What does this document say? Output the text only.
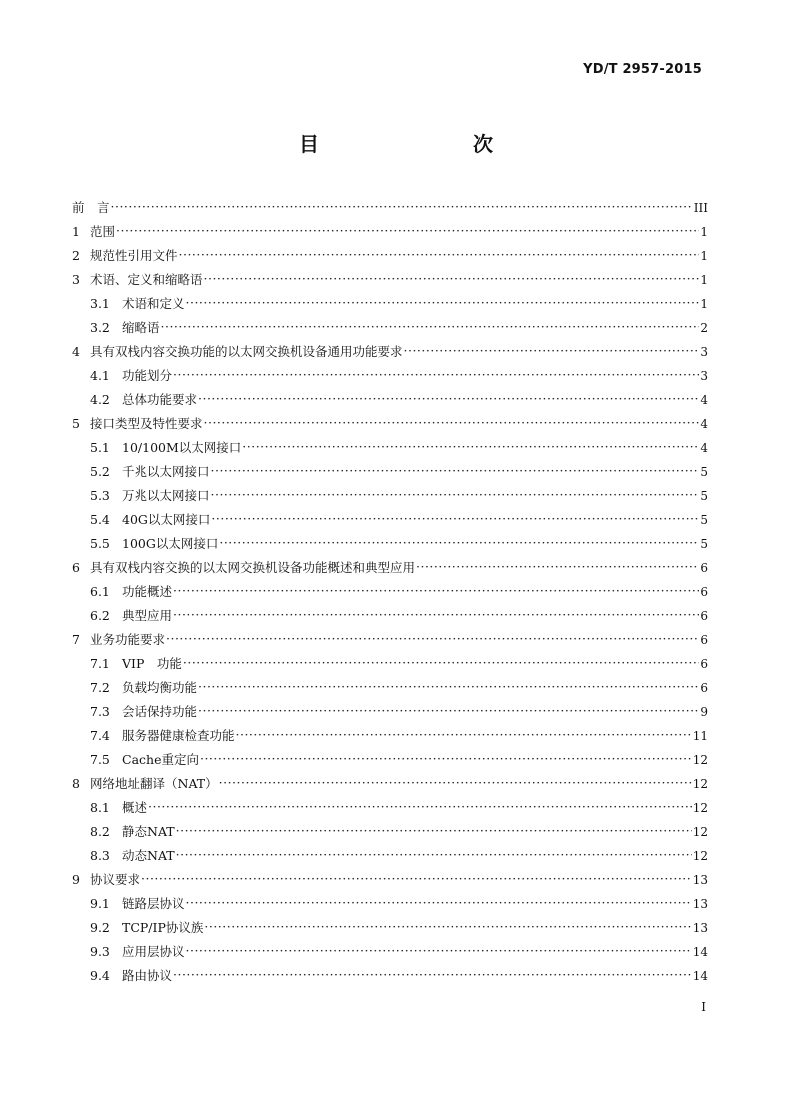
YD/T 2957-2015
目　　次
前　言 ·····	III
1 范围 ·····	1
2 规范性引用文件 ·····	1
3 术语、定义和缩略语 ·····	1
3.1 术语和定义 ·····	1
3.2 缩略语 ·····	2
4 具有双栈内容交换功能的以太网交换机设备通用功能要求 ·····	3
4.1 功能划分 ·····	3
4.2 总体功能要求 ·····	4
5 接口类型及特性要求 ·····	4
5.1 10/100M以太网接口 ·····	4
5.2 千兆以太网接口 ·····	5
5.3 万兆以太网接口 ·····	5
5.4 40G以太网接口 ·····	5
5.5 100G以太网接口 ·····	5
6 具有双栈内容交换的以太网交换机设备功能概述和典型应用 ·····	6
6.1 功能概述 ·····	6
6.2 典型应用 ·····	6
7 业务功能要求 ·····	6
7.1 VIP　功能 ·····	6
7.2 负载均衡功能 ·····	6
7.3 会话保持功能 ·····	9
7.4 服务器健康检查功能 ·····	11
7.5 Cache重定向 ·····	12
8 网络地址翻译（NAT） ·····	12
8.1 概述 ·····	12
8.2 静态NAT ·····	12
8.3 动态NAT ·····	12
9 协议要求 ·····	13
9.1 链路层协议 ·····	13
9.2 TCP/IP协议族 ·····	13
9.3 应用层协议 ·····	14
9.4 路由协议 ·····	14
I
